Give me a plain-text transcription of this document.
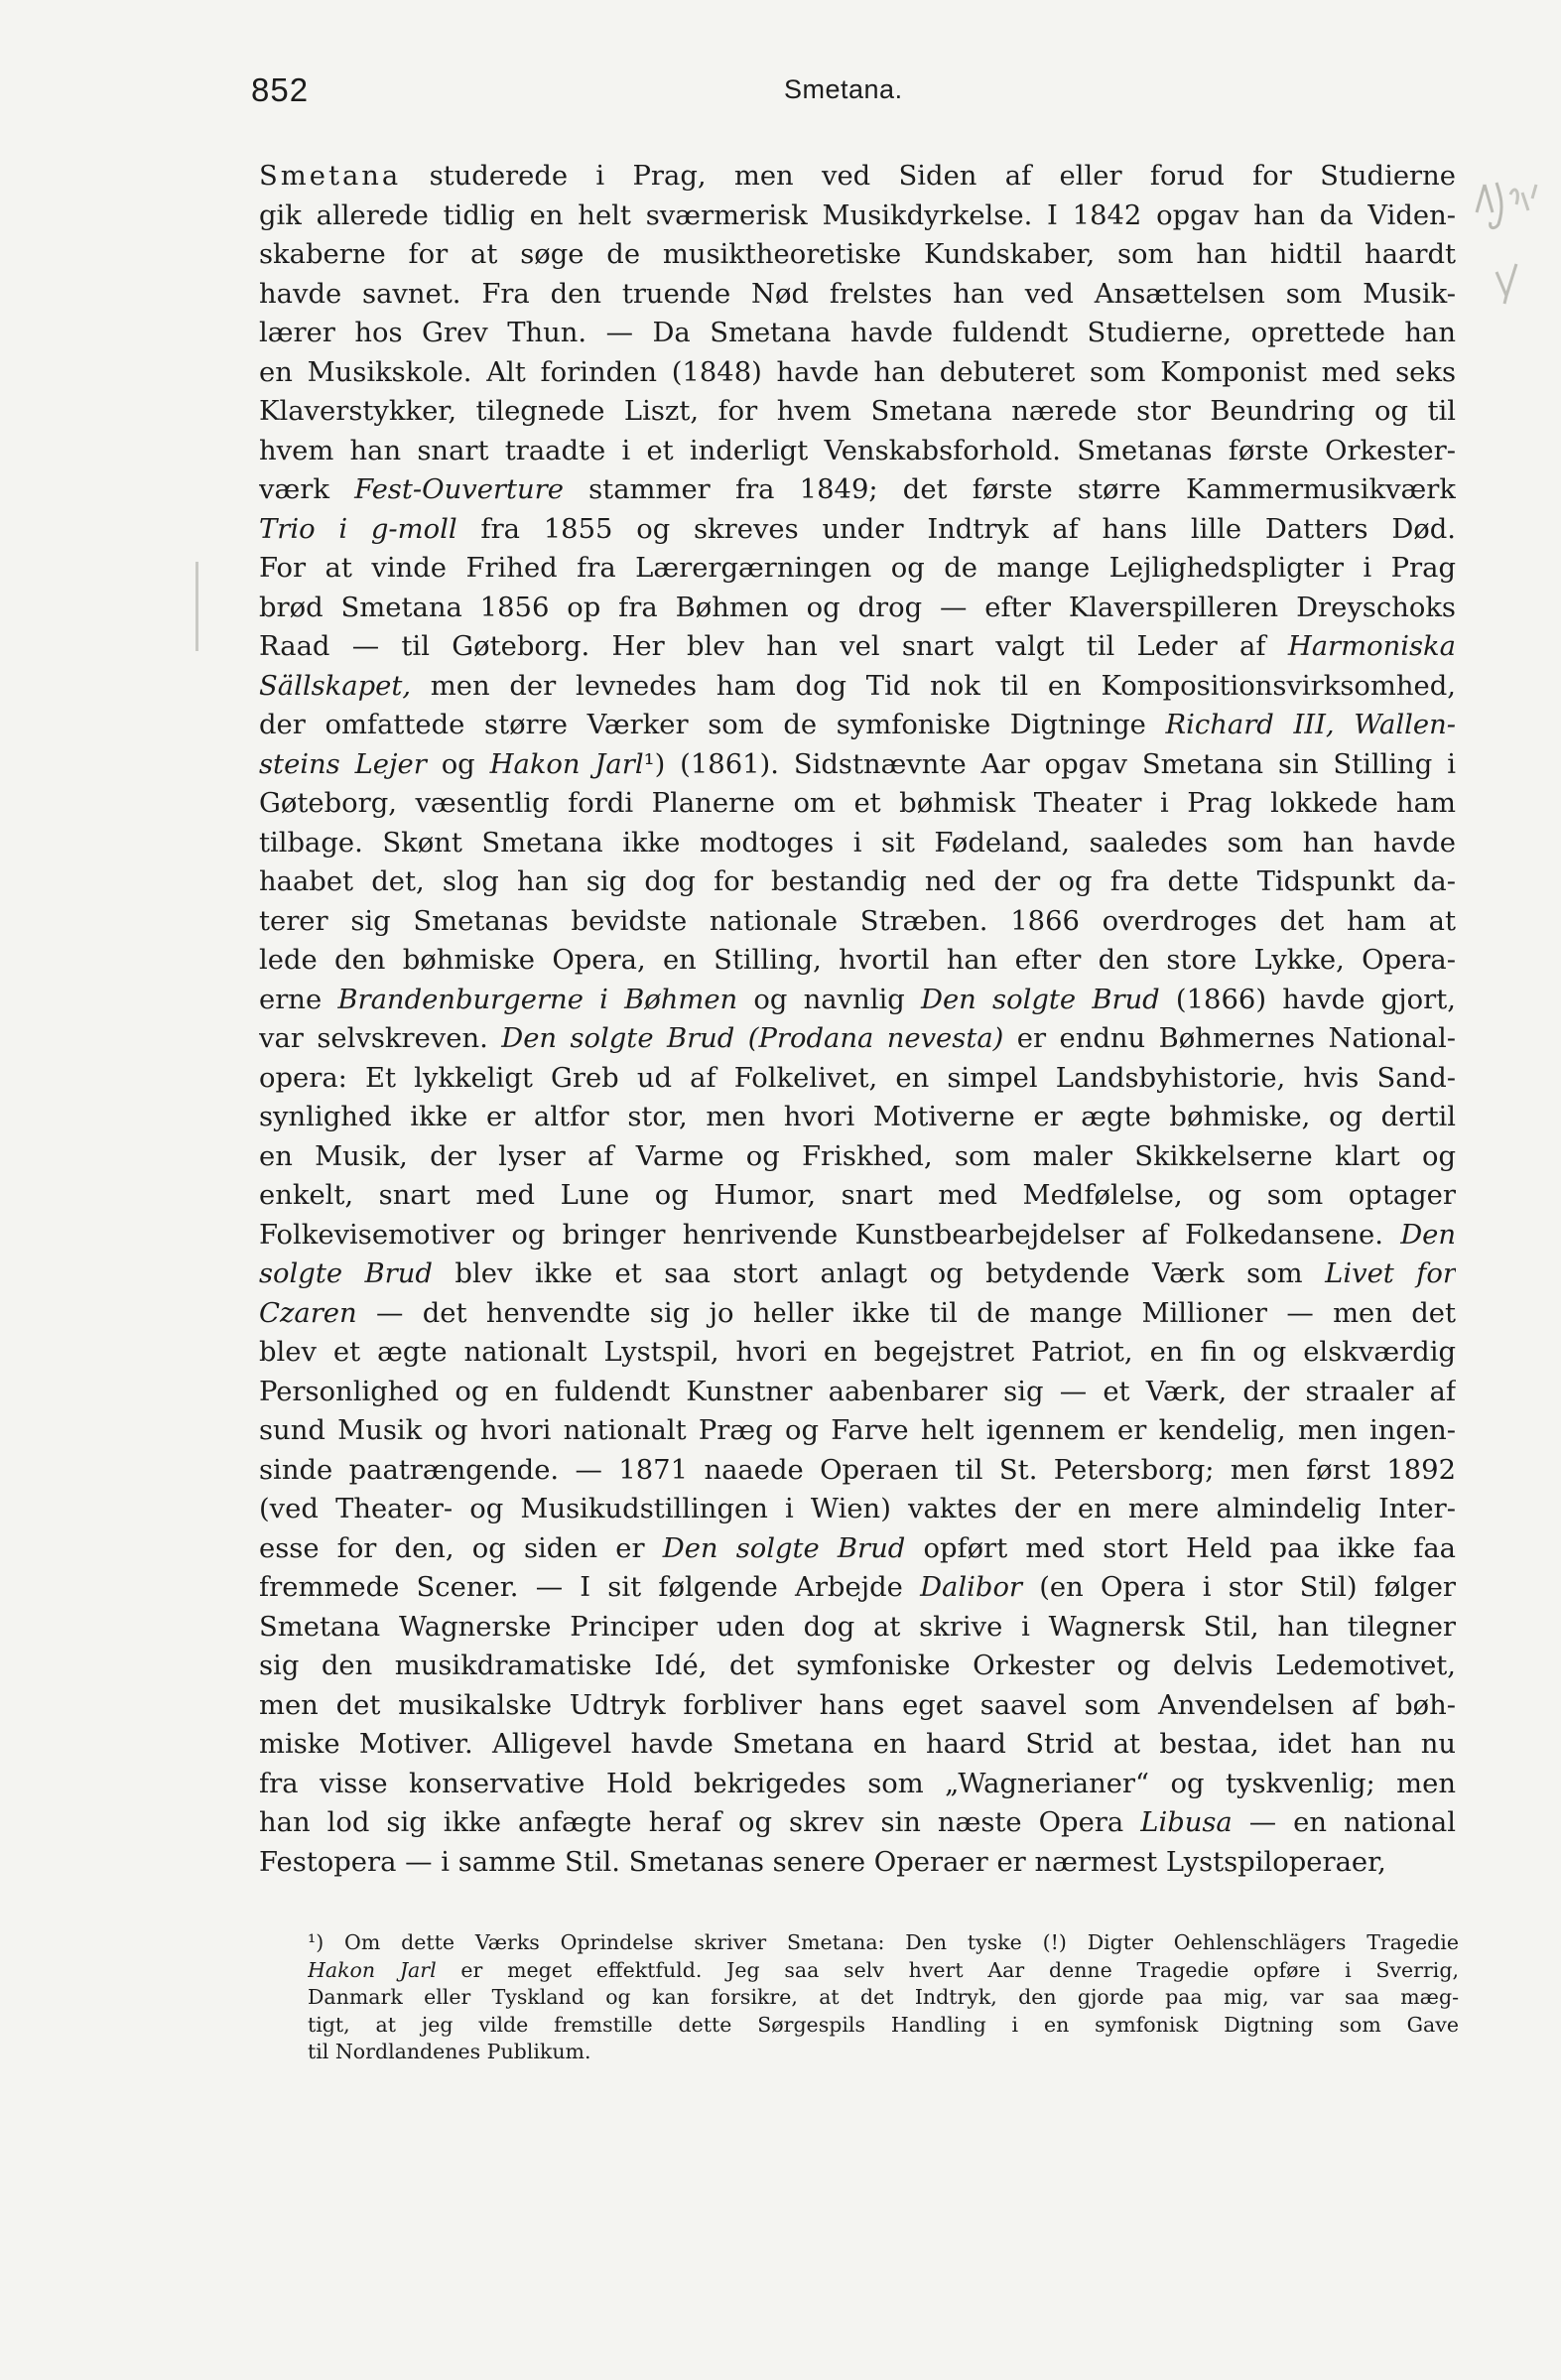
852	Smetana.
Smetana studerede i Prag, men ved Siden af eller forud for Studierne
gik allerede tidlig en helt sværmerisk Musikdyrkelse. I 1842 opgav han da Viden-
skaberne for at søge de musiktheoretiske Kundskaber, som han hidtil haardt
havde savnet. Fra den truende Nød frelstes han ved Ansættelsen som Musik-
lærer hos Grev Thun. — Da Smetana havde fuldendt Studierne, oprettede han
en Musikskole. Alt forinden (1848) havde han debuteret som Komponist med seks
Klaverstykker, tilegnede Liszt, for hvem Smetana nærede stor Beundring og til
hvem han snart traadte i et inderligt Venskabsforhold. Smetanas første Orkester-
værk Fest-Ouverture stammer fra 1849; det første større Kammermusikværk
Trio i g-moll fra 1855 og skreves under Indtryk af hans lille Datters Død.
For at vinde Frihed fra Lærergærningen og de mange Lejlighedspligter i Prag
brød Smetana 1856 op fra Bøhmen og drog — efter Klaverspilleren Dreyschoks
Raad — til Gøteborg. Her blev han vel snart valgt til Leder af Harmoniska
Sällskapet, men der levnedes ham dog Tid nok til en Kompositionsvirksomhed,
der omfattede større Værker som de symfoniske Digtninge Richard III, Wallen-
steins Lejer og Hakon Jarl¹) (1861). Sidstnævnte Aar opgav Smetana sin Stilling i
Gøteborg, væsentlig fordi Planerne om et bøhmisk Theater i Prag lokkede ham
tilbage. Skønt Smetana ikke modtoges i sit Fødeland, saaledes som han havde
haabet det, slog han sig dog for bestandig ned der og fra dette Tidspunkt da-
terer sig Smetanas bevidste nationale Stræben. 1866 overdroges det ham at
lede den bøhmiske Opera, en Stilling, hvortil han efter den store Lykke, Opera-
erne Brandenburgerne i Bøhmen og navnlig Den solgte Brud (1866) havde gjort,
var selvskreven. Den solgte Brud (Prodana nevesta) er endnu Bøhmernes National-
opera: Et lykkeligt Greb ud af Folkelivet, en simpel Landsbyhistorie, hvis Sand-
synlighed ikke er altfor stor, men hvori Motiverne er ægte bøhmiske, og dertil
en Musik, der lyser af Varme og Friskhed, som maler Skikkelserne klart og
enkelt, snart med Lune og Humor, snart med Medfølelse, og som optager
Folkevisemotiver og bringer henrivende Kunstbearbejdelser af Folkedansene. Den
solgte Brud blev ikke et saa stort anlagt og betydende Værk som Livet for
Czaren — det henvendte sig jo heller ikke til de mange Millioner — men det
blev et ægte nationalt Lystspil, hvori en begejstret Patriot, en fin og elskværdig
Personlighed og en fuldendt Kunstner aabenbarer sig — et Værk, der straaler af
sund Musik og hvori nationalt Præg og Farve helt igennem er kendelig, men ingen-
sinde paatrængende. — 1871 naaede Operaen til St. Petersborg; men først 1892
(ved Theater- og Musikudstillingen i Wien) vaktes der en mere almindelig Inter-
esse for den, og siden er Den solgte Brud opført med stort Held paa ikke faa
fremmede Scener. — I sit følgende Arbejde Dalibor (en Opera i stor Stil) følger
Smetana Wagnerske Principer uden dog at skrive i Wagnersk Stil, han tilegner
sig den musikdramatiske Idé, det symfoniske Orkester og delvis Ledemotivet,
men det musikalske Udtryk forbliver hans eget saavel som Anvendelsen af bøh-
miske Motiver. Alligevel havde Smetana en haard Strid at bestaa, idet han nu
fra visse konservative Hold bekrigedes som „Wagnerianer“ og tyskvenlig; men
han lod sig ikke anfægte heraf og skrev sin næste Opera Libusa — en national
Festopera — i samme Stil. Smetanas senere Operaer er nærmest Lystspiloperaer,
¹) Om dette Værks Oprindelse skriver Smetana: Den tyske (!) Digter Oehlenschlägers Tragedie
Hakon Jarl er meget effektfuld. Jeg saa selv hvert Aar denne Tragedie opføre i Sverrig,
Danmark eller Tyskland og kan forsikre, at det Indtryk, den gjorde paa mig, var saa mæg-
tigt, at jeg vilde fremstille dette Sørgespils Handling i en symfonisk Digtning som Gave
til Nordlandenes Publikum.
